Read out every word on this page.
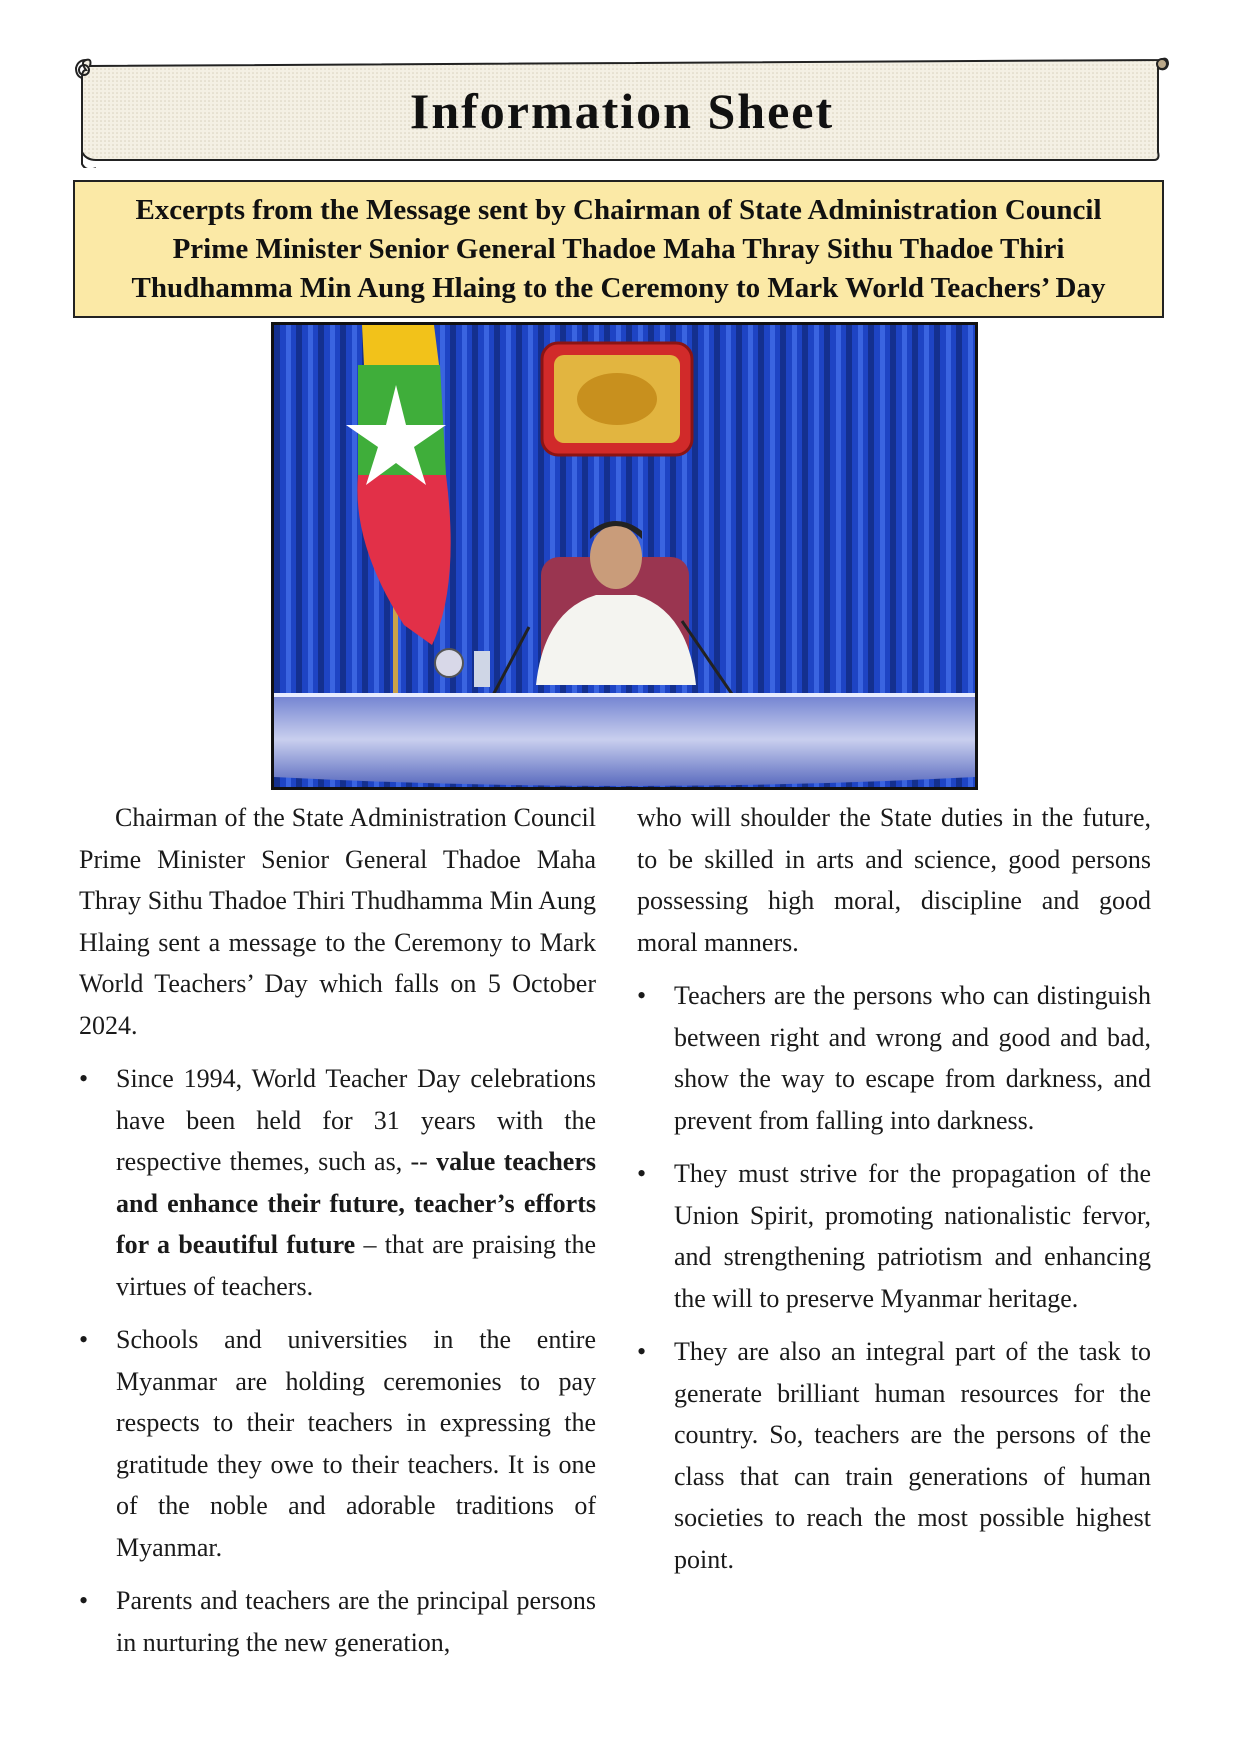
Information Sheet
Excerpts from the Message sent by Chairman of State Administration Council
Prime Minister Senior General Thadoe Maha Thray Sithu Thadoe Thiri
Thudhamma Min Aung Hlaing to the Ceremony to Mark World Teachers’ Day

Chairman of the State Administration Council Prime Minister Senior General Thadoe Maha Thray Sithu Thadoe Thiri Thudhamma Min Aung Hlaing sent a message to the Ceremony to Mark World Teachers’ Day which falls on 5 October 2024.

• Since 1994, World Teacher Day celebrations have been held for 31 years with the respective themes, such as, -- value teachers and enhance their future, teacher’s efforts for a beautiful future – that are praising the virtues of teachers.
• Schools and universities in the entire Myanmar are holding ceremonies to pay respects to their teachers in expressing the gratitude they owe to their teachers. It is one of the noble and adorable traditions of Myanmar.
• Parents and teachers are the principal persons in nurturing the new generation,

who will shoulder the State duties in the future, to be skilled in arts and science, good persons possessing high moral, discipline and good moral manners.

• Teachers are the persons who can distinguish between right and wrong and good and bad, show the way to escape from darkness, and prevent from falling into darkness.
• They must strive for the propagation of the Union Spirit, promoting nationalistic fervor, and strengthening patriotism and enhancing the will to preserve Myanmar heritage.
• They are also an integral part of the task to generate brilliant human resources for the country. So, teachers are the persons of the class that can train generations of human societies to reach the most possible highest point.
